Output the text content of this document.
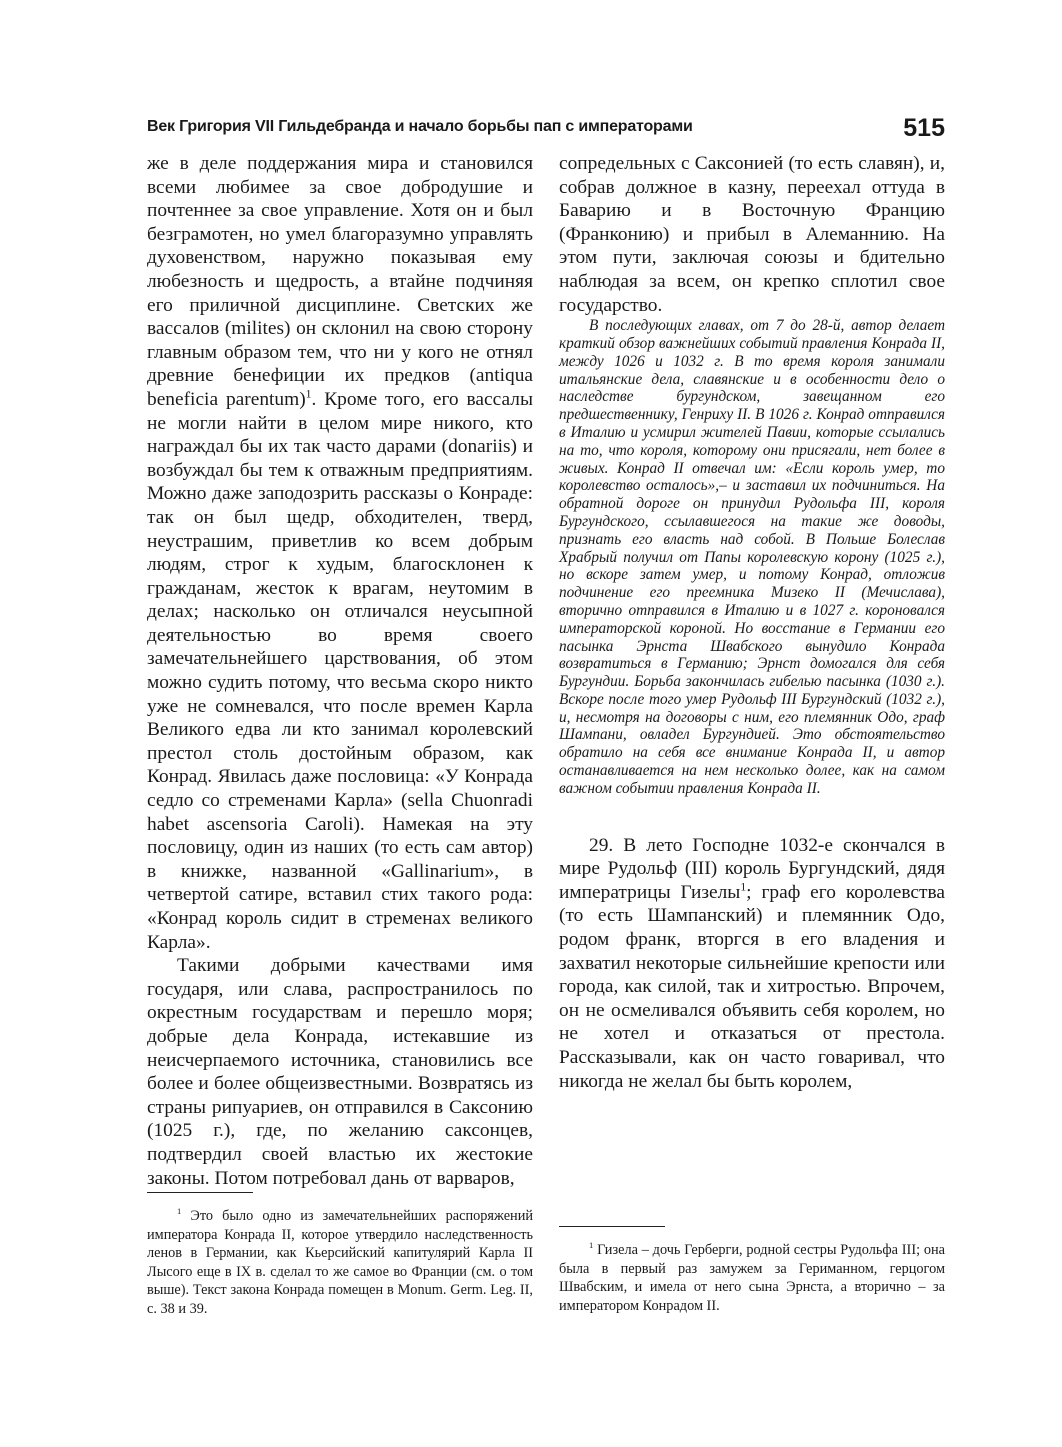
Век Григория VII Гильдебранда и начало борьбы пап с императорами	515

же в деле поддержания мира и становился всеми любимее за свое добродушие и почтеннее за свое управление. Хотя он и был безграмотен, но умел благоразумно управлять духовенством, наружно показывая ему любезность и щедрость, а втайне подчиняя его приличной дисциплине. Светских же вассалов (milites) он склонил на свою сторону главным образом тем, что ни у кого не отнял древние бенефиции их предков (antiqua beneficia parentum)$^1$. Кроме того, его вассалы не могли найти в целом мире никого, кто награждал бы их так часто дарами (donariis) и возбуждал бы тем к отважным предприятиям. Можно даже заподозрить рассказы о Конраде: так он был щедр, обходителен, тверд, неустрашим, приветлив ко всем добрым людям, строг к худым, благосклонен к гражданам, жесток к врагам, неутомим в делах; насколько он отличался неусыпной деятельностью во время своего замечательнейшего царствования, об этом можно судить потому, что весьма скоро никто уже не сомневался, что после времен Карла Великого едва ли кто занимал королевский престол столь достойным образом, как Конрад. Явилась даже пословица: «У Конрада седло со стременами Карла» (sella Chuonradi habet ascensoria Caroli). Намекая на эту пословицу, один из наших (то есть сам автор) в книжке, названной «Gallinarium», в четвертой сатире, вставил стих такого рода: «Конрад король сидит в стременах великого Карла».

Такими добрыми качествами имя государя, или слава, распространилось по окрестным государствам и перешло моря; добрые дела Конрада, истекавшие из неисчерпаемого источника, становились все более и более общеизвестными. Возвратясь из страны рипуариев, он отправился в Саксонию (1025 г.), где, по желанию саксонцев, подтвердил своей властью их жестокие законы. Потом потребовал дань от варваров,

сопредельных с Саксонией (то есть славян), и, собрав должное в казну, переехал оттуда в Баварию и в Восточную Францию (Франконию) и прибыл в Алеманнию. На этом пути, заключая союзы и бдительно наблюдая за всем, он крепко сплотил свое государство.

В последующих главах, от 7 до 28-й, автор делает краткий обзор важнейших событий правления Конрада II, между 1026 и 1032 г. В то время короля занимали итальянские дела, славянские и в особенности дело о наследстве бургундском, завещанном его предшественнику, Генриху II. В 1026 г. Конрад отправился в Италию и усмирил жителей Павии, которые ссылались на то, что короля, которому они присягали, нет более в живых. Конрад II отвечал им: «Если король умер, то королевство осталось»,– и заставил их подчиниться. На обратной дороге он принудил Рудольфа III, короля Бургундского, ссылавшегося на такие же доводы, признать его власть над собой. В Польше Болеслав Храбрый получил от Папы королевскую корону (1025 г.), но вскоре затем умер, и потому Конрад, отложив подчинение его преемника Мизеко II (Мечислава), вторично отправился в Италию и в 1027 г. короновался императорской короной. Но восстание в Германии его пасынка Эрнста Швабского вынудило Конрада возвратиться в Германию; Эрнст домогался для себя Бургундии. Борьба закончилась гибелью пасынка (1030 г.). Вскоре после того умер Рудольф III Бургундский (1032 г.), и, несмотря на договоры с ним, его племянник Одо, граф Шампани, овладел Бургундией. Это обстоятельство обратило на себя все внимание Конрада II, и автор останавливается на нем несколько долее, как на самом важном событии правления Конрада II.

29. В лето Господне 1032-е скончался в мире Рудольф (III) король Бургундский, дядя императрицы Гизелы$^1$; граф его королевства (то есть Шампанский) и племянник Одо, родом франк, вторгся в его владения и захватил некоторые сильнейшие крепости или города, как силой, так и хитростью. Впрочем, он не осмеливался объявить себя королем, но не хотел и отказаться от престола. Рассказывали, как он часто говаривал, что никогда не желал бы быть королем,

$^1$ Это было одно из замечательнейших распоряжений императора Конрада II, которое утвердило наследственность ленов в Германии, как Кьерсийский капитулярий Карла II Лысого еще в IX в. сделал то же самое во Франции (см. о том выше). Текст закона Конрада помещен в Monum. Germ. Leg. II, c. 38 и 39.

$^1$ Гизела – дочь Герберги, родной сестры Рудольфа III; она была в первый раз замужем за Гериманном, герцогом Швабским, и имела от него сына Эрнста, а вторично – за императором Конрадом II.
